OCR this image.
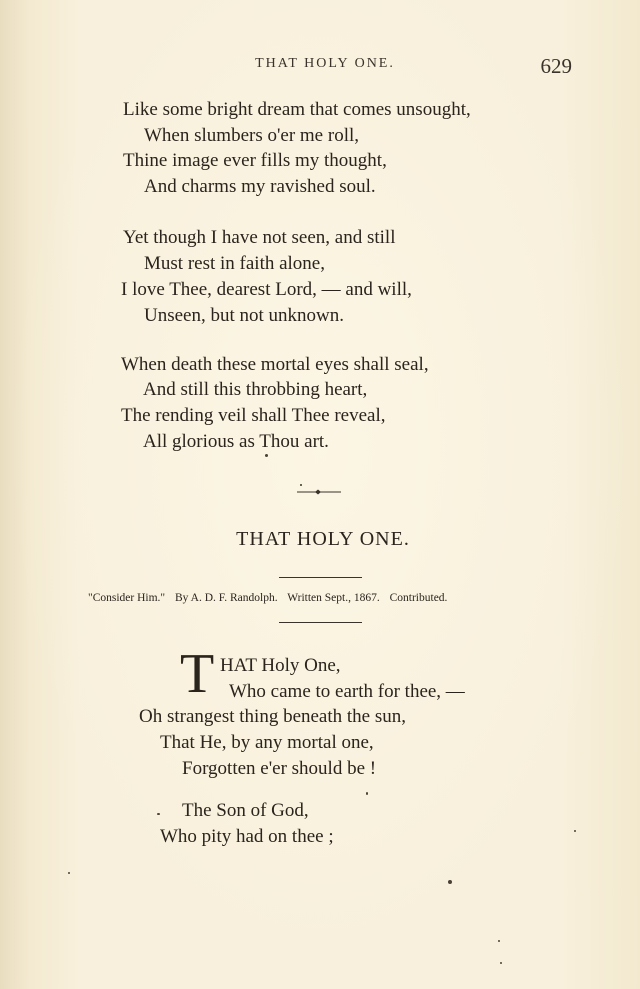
THAT HOLY ONE.	629
Like some bright dream that comes unsought,
When slumbers o'er me roll,
Thine image ever fills my thought,
And charms my ravished soul.
Yet though I have not seen, and still
Must rest in faith alone,
I love Thee, dearest Lord, — and will,
Unseen, but not unknown.
When death these mortal eyes shall seal,
And still this throbbing heart,
The rending veil shall Thee reveal,
All glorious as Thou art.
THAT HOLY ONE.
"Consider Him." By A. D. F. Randolph. Written Sept., 1867. Contributed.
T HAT Holy One,
Who came to earth for thee, —
Oh strangest thing beneath the sun,
That He, by any mortal one,
Forgotten e'er should be !
The Son of God,
Who pity had on thee ;
